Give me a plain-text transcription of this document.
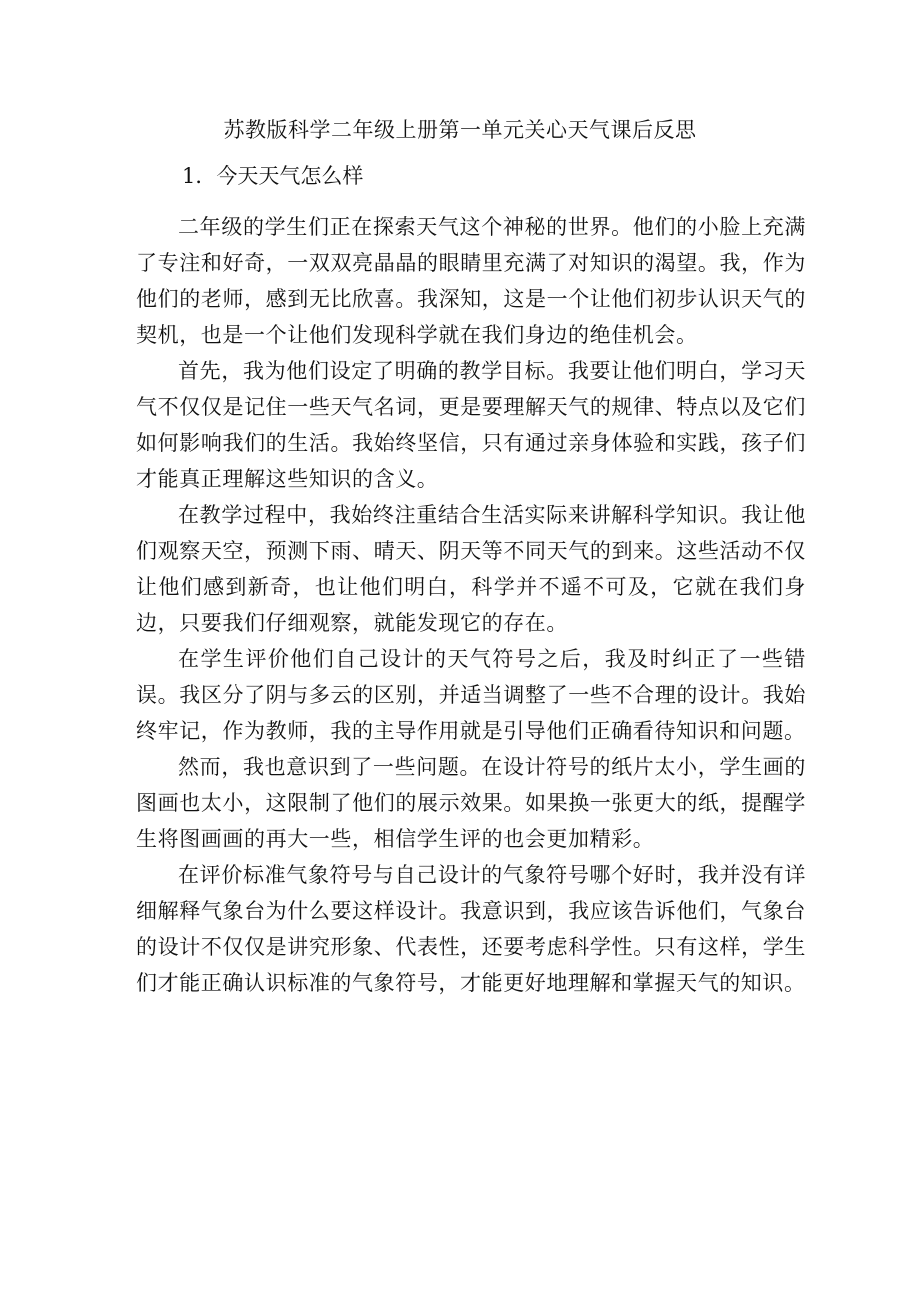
苏教版科学二年级上册第一单元关心天气课后反思
1．今天天气怎么样

二年级的学生们正在探索天气这个神秘的世界。他们的小脸上充满了专注和好奇，一双双亮晶晶的眼睛里充满了对知识的渴望。我，作为他们的老师，感到无比欣喜。我深知，这是一个让他们初步认识天气的契机，也是一个让他们发现科学就在我们身边的绝佳机会。

首先，我为他们设定了明确的教学目标。我要让他们明白，学习天气不仅仅是记住一些天气名词，更是要理解天气的规律、特点以及它们如何影响我们的生活。我始终坚信，只有通过亲身体验和实践，孩子们才能真正理解这些知识的含义。

在教学过程中，我始终注重结合生活实际来讲解科学知识。我让他们观察天空，预测下雨、晴天、阴天等不同天气的到来。这些活动不仅让他们感到新奇，也让他们明白，科学并不遥不可及，它就在我们身边，只要我们仔细观察，就能发现它的存在。

在学生评价他们自己设计的天气符号之后，我及时纠正了一些错误。我区分了阴与多云的区别，并适当调整了一些不合理的设计。我始终牢记，作为教师，我的主导作用就是引导他们正确看待知识和问题。

然而，我也意识到了一些问题。在设计符号的纸片太小，学生画的图画也太小，这限制了他们的展示效果。如果换一张更大的纸，提醒学生将图画画的再大一些，相信学生评的也会更加精彩。

在评价标准气象符号与自己设计的气象符号哪个好时，我并没有详细解释气象台为什么要这样设计。我意识到，我应该告诉他们，气象台的设计不仅仅是讲究形象、代表性，还要考虑科学性。只有这样，学生们才能正确认识标准的气象符号，才能更好地理解和掌握天气的知识。
